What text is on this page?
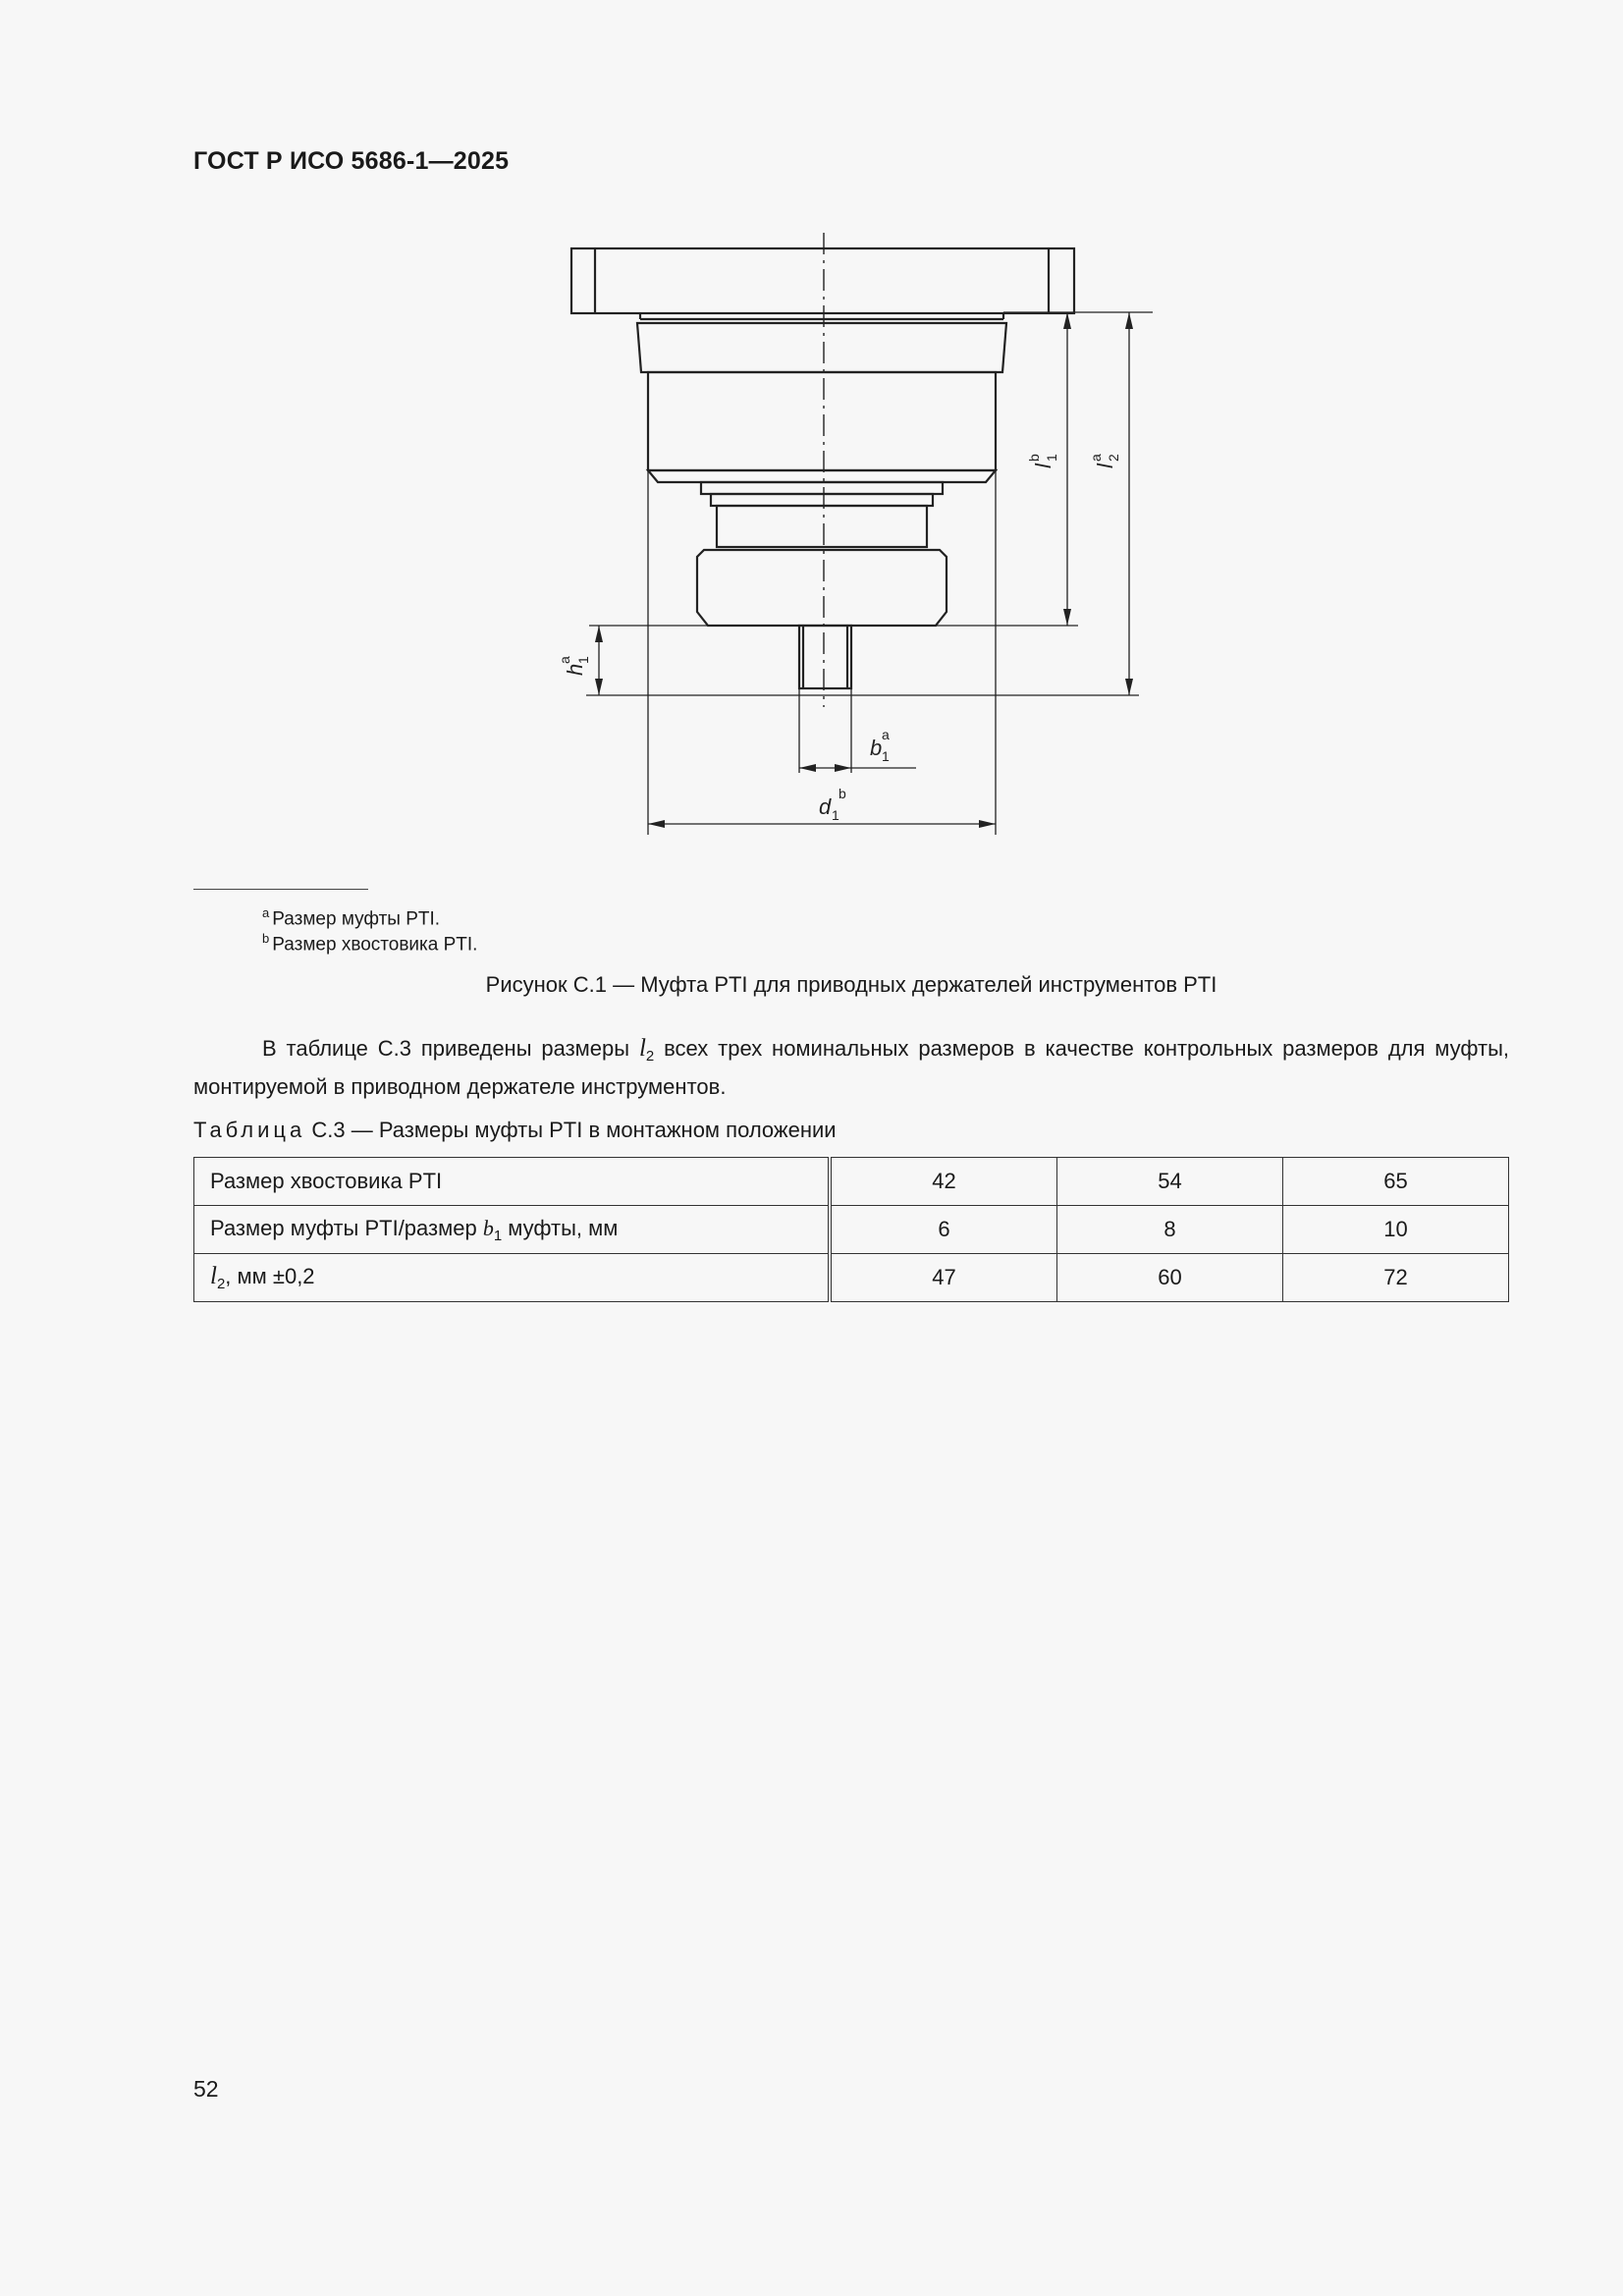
ГОСТ Р ИСО 5686-1—2025
l
1
b
l
2
a
h
1
a
b 1
a
d 1
b
$^a$ Размер муфты PTI.
$^b$ Размер хвостовика PTI.
Рисунок С.1 — Муфта PTI для приводных держателей инструментов PTI
В таблице С.3 приведены размеры $l_2$ всех трех номинальных размеров в качестве контрольных размеров для муфты, монтируемой в приводном держателе инструментов.
Таблица С.3 — Размеры муфты PTI в монтажном положении
Размер хвостовика PTI	42	54	65
Размер муфты PTI/размер $b_1$ муфты, мм	6	8	10
$l_2$, мм ±0,2	47	60	72
52
